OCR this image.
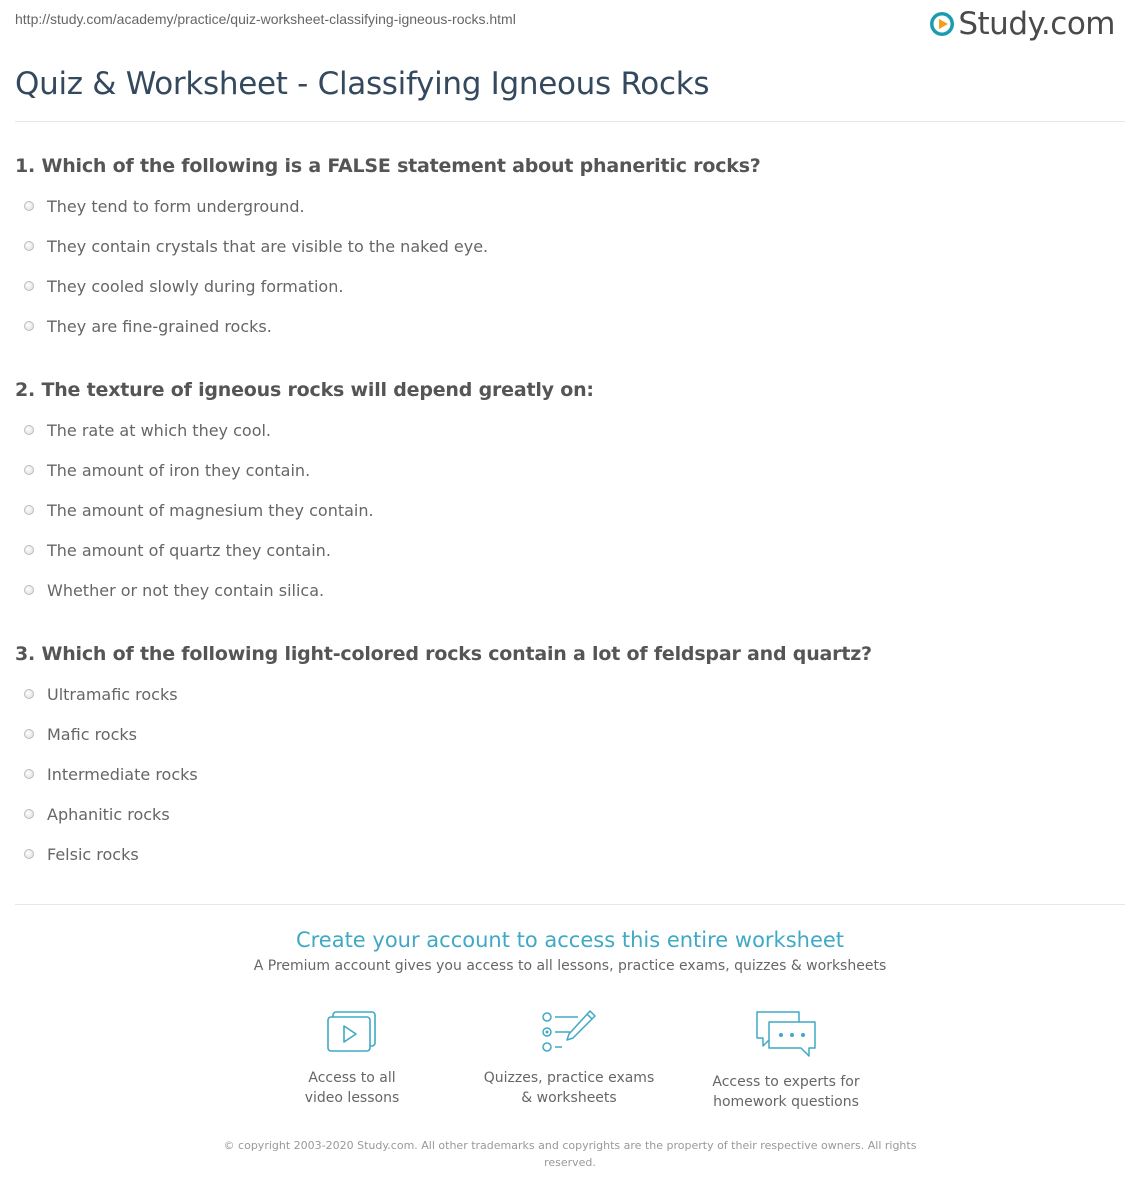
http://study.com/academy/practice/quiz-worksheet-classifying-igneous-rocks.html	Study.com
Quiz & Worksheet - Classifying Igneous Rocks
1. Which of the following is a FALSE statement about phaneritic rocks?
They tend to form underground.
They contain crystals that are visible to the naked eye.
They cooled slowly during formation.
They are fine-grained rocks.
2. The texture of igneous rocks will depend greatly on:
The rate at which they cool.
The amount of iron they contain.
The amount of magnesium they contain.
The amount of quartz they contain.
Whether or not they contain silica.
3. Which of the following light-colored rocks contain a lot of feldspar and quartz?
Ultramafic rocks
Mafic rocks
Intermediate rocks
Aphanitic rocks
Felsic rocks
Create your account to access this entire worksheet
A Premium account gives you access to all lessons, practice exams, quizzes & worksheets
Access to all
video lessons
Quizzes, practice exams
& worksheets
Access to experts for
homework questions
© copyright 2003-2020 Study.com. All other trademarks and copyrights are the property of their respective owners. All rights reserved.
